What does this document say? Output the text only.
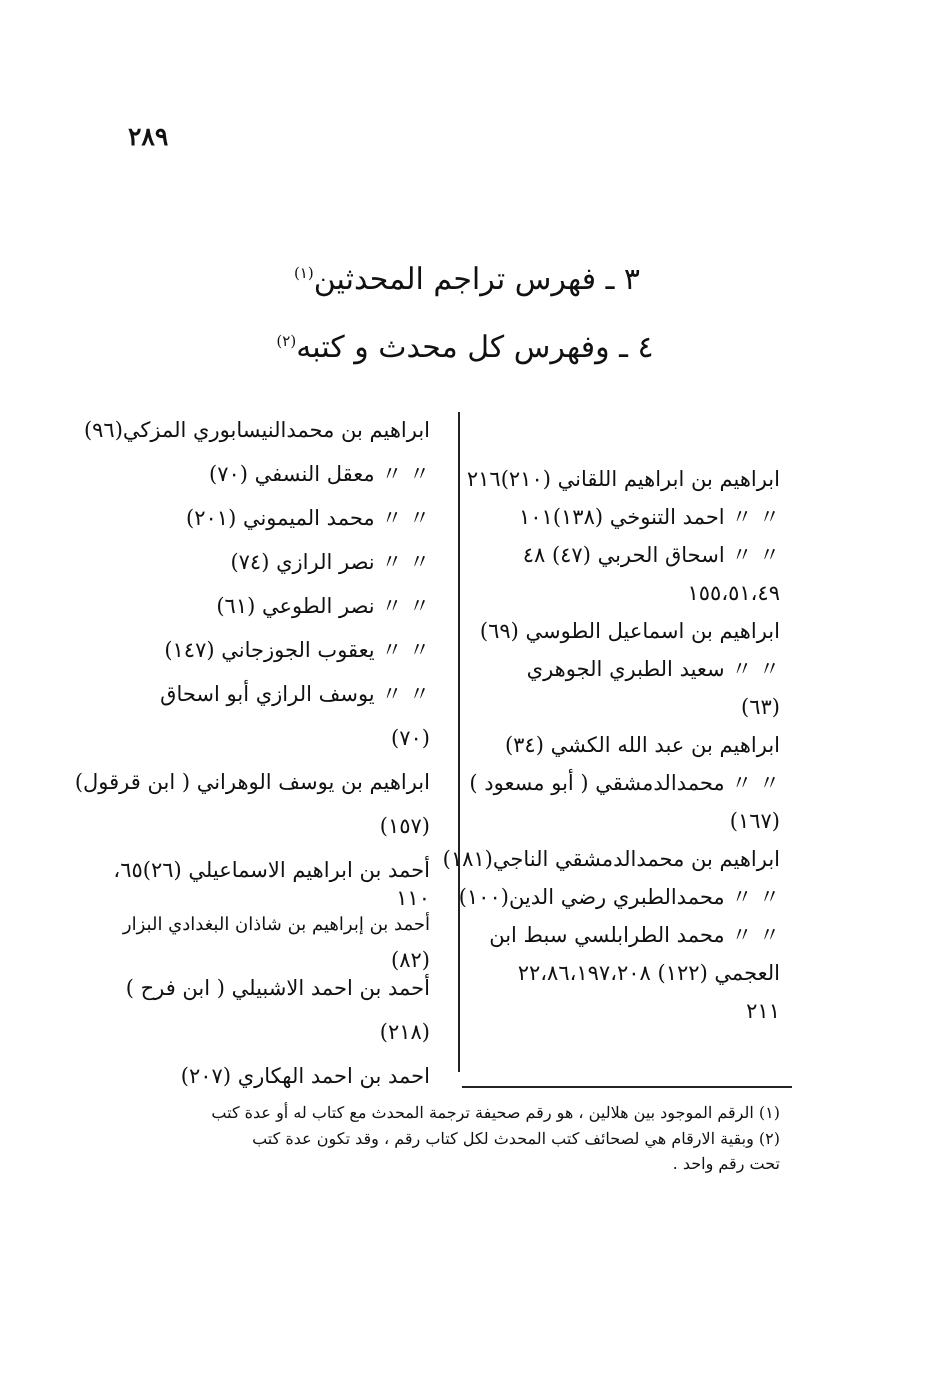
٢٨٩
٣ ـ فهرس تراجم المحدثين$^{(١)}$
٤ ـ وفهرس كل محدث و كتبه$^{(٢)}$
ابراهيم بن ابراهيم اللقاني (٢١٠)٢١٦
〃 〃 احمد التنوخي (١٣٨)١٠١
〃 〃 اسحاق الحربي (٤٧) ٤٨
١٥٥،٥١،٤٩
ابراهيم بن اسماعيل الطوسي (٦٩)
〃 〃 سعيد الطبري الجوهري
(٦٣)
ابراهيم بن عبد الله الكشي (٣٤)
〃 〃 محمدالدمشقي ( أبو مسعود )
(١٦٧)
ابراهيم بن محمدالدمشقي الناجي(١٨١)
〃 〃 محمدالطبري رضي الدين(١٠٠)
〃 〃 محمد الطرابلسي سبط ابن
العجمي (١٢٢) ٢٢،٨٦،١٩٧،٢٠٨
٢١١
ابراهيم بن محمدالنيسابوري المزكي(٩٦)
〃 〃 معقل النسفي (٧٠)
〃 〃 محمد الميموني (٢٠١)
〃 〃 نصر الرازي (٧٤)
〃 〃 نصر الطوعي (٦١)
〃 〃 يعقوب الجوزجاني (١٤٧)
〃 〃 يوسف الرازي أبو اسحاق
(٧٠)
ابراهيم بن يوسف الوهراني ( ابن قرقول)
(١٥٧)
أحمد بن ابراهيم الاسماعيلي (٢٦)٦٥،
١١٠
أحمد بن إبراهيم بن شاذان البغدادي البزار
(٨٢)
أحمد بن احمد الاشبيلي ( ابن فرح )
(٢١٨)
احمد بن احمد الهكاري (٢٠٧)
(١) الرقم الموجود بين هلالين ، هو رقم صحيفة ترجمة المحدث مع كتاب له أو عدة كتب
(٢) وبقية الارقام هي لصحائف كتب المحدث لكل كتاب رقم ، وقد تكون عدة كتب
تحت رقم واحد .
